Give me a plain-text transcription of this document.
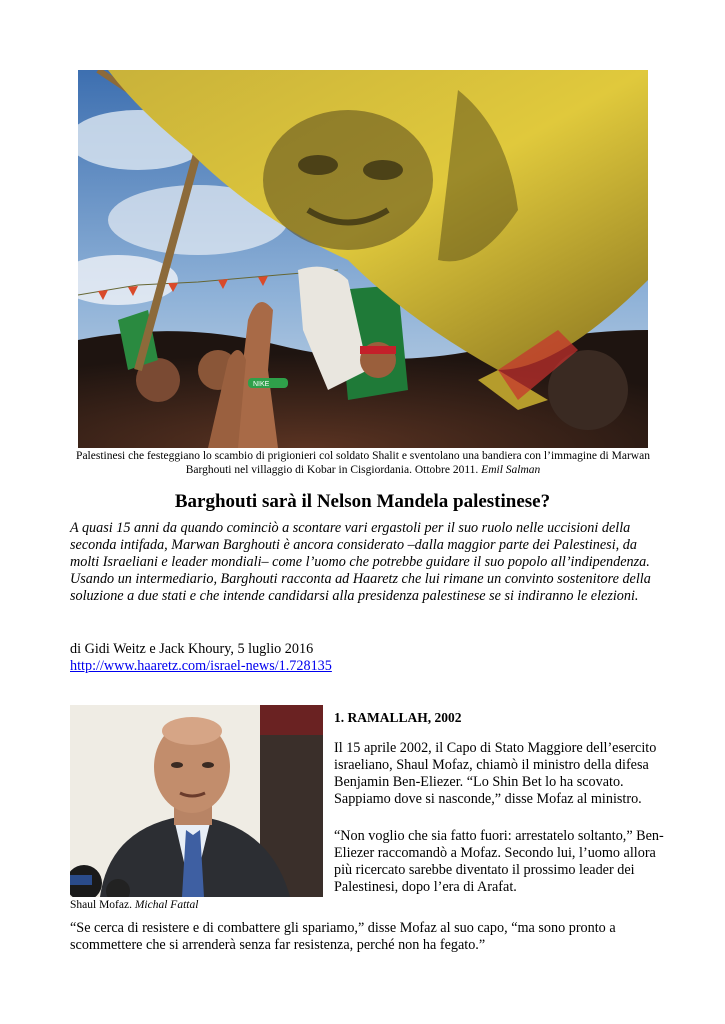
NIKE
Palestinesi che festeggiano lo scambio di prigionieri col soldato Shalit e sventolano una bandiera con l’immagine di Marwan Barghouti nel villaggio di Kobar in Cisgiordania. Ottobre 2011. Emil Salman
Barghouti sarà il Nelson Mandela palestinese?

A quasi 15 anni da quando cominciò a scontare vari ergastoli per il suo ruolo nelle uccisioni della seconda intifada, Marwan Barghouti è ancora considerato –dalla maggior parte dei Palestinesi, da molti Israeliani e leader mondiali– come l’uomo che potrebbe guidare il suo popolo all’indipendenza. Usando un intermediario, Barghouti racconta ad Haaretz che lui rimane un convinto sostenitore della soluzione a due stati e che intende candidarsi alla presidenza palestinese se si indiranno le elezioni.

di Gidi Weitz e Jack Khoury, 5 luglio 2016
http://www.haaretz.com/israel-news/1.728135
Shaul Mofaz. Michal Fattal
1. RAMALLAH, 2002

Il 15 aprile 2002, il Capo di Stato Maggiore dell’esercito israeliano, Shaul Mofaz, chiamò il ministro della difesa Benjamin Ben-Eliezer. “Lo Shin Bet lo ha scovato. Sappiamo dove si nasconde,” disse Mofaz al ministro.

“Non voglio che sia fatto fuori: arrestatelo soltanto,” Ben-Eliezer raccomandò a Mofaz. Secondo lui, l’uomo allora più ricercato sarebbe diventato il prossimo leader dei Palestinesi, dopo l’era di Arafat.

“Se cerca di resistere e di combattere gli spariamo,” disse Mofaz al suo capo, “ma sono pronto a scommettere che si arrenderà senza far resistenza, perché non ha fegato.”
